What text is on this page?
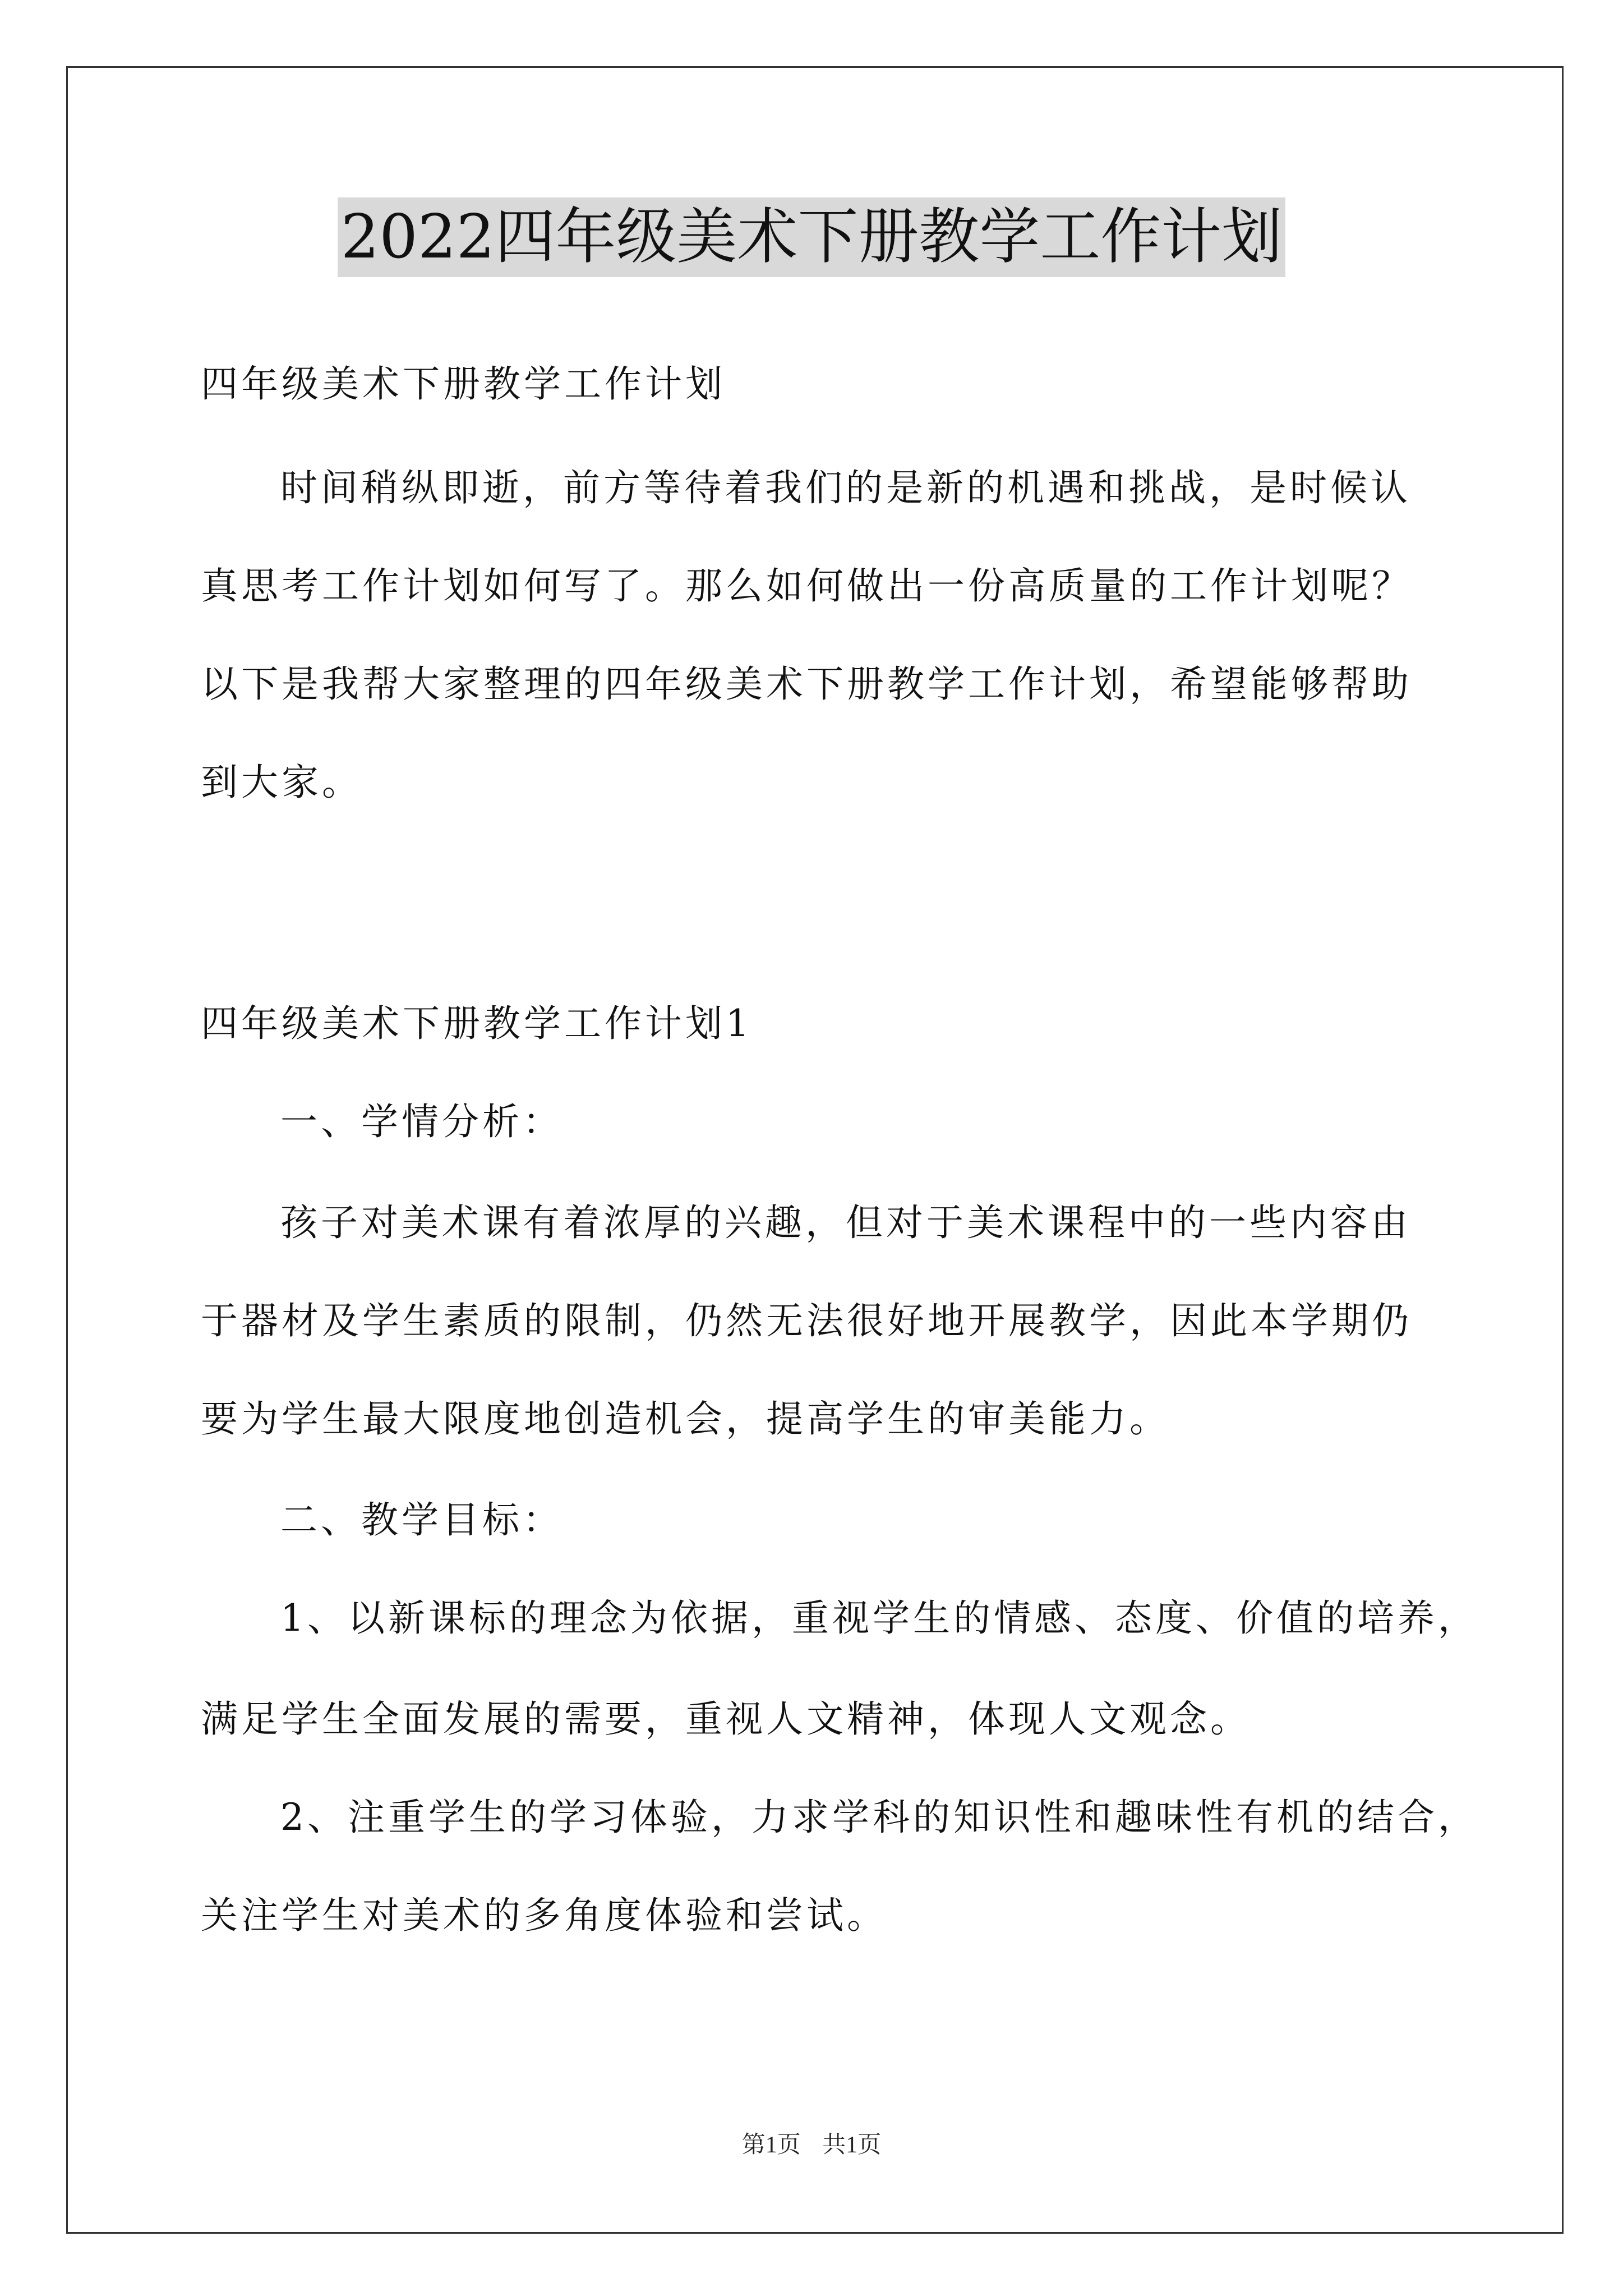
2022四年级美术下册教学工作计划
四年级美术下册教学工作计划
时间稍纵即逝，前方等待着我们的是新的机遇和挑战，是时候认
真思考工作计划如何写了。那么如何做出一份高质量的工作计划呢？
以下是我帮大家整理的四年级美术下册教学工作计划，希望能够帮助
到大家。
四年级美术下册教学工作计划1
一、学情分析：
孩子对美术课有着浓厚的兴趣，但对于美术课程中的一些内容由
于器材及学生素质的限制，仍然无法很好地开展教学，因此本学期仍
要为学生最大限度地创造机会，提高学生的审美能力。
二、教学目标：
1、以新课标的理念为依据，重视学生的情感、态度、价值的培养，
满足学生全面发展的需要，重视人文精神，体现人文观念。
2、注重学生的学习体验，力求学科的知识性和趣味性有机的结合，
关注学生对美术的多角度体验和尝试。
第1页 共1页
